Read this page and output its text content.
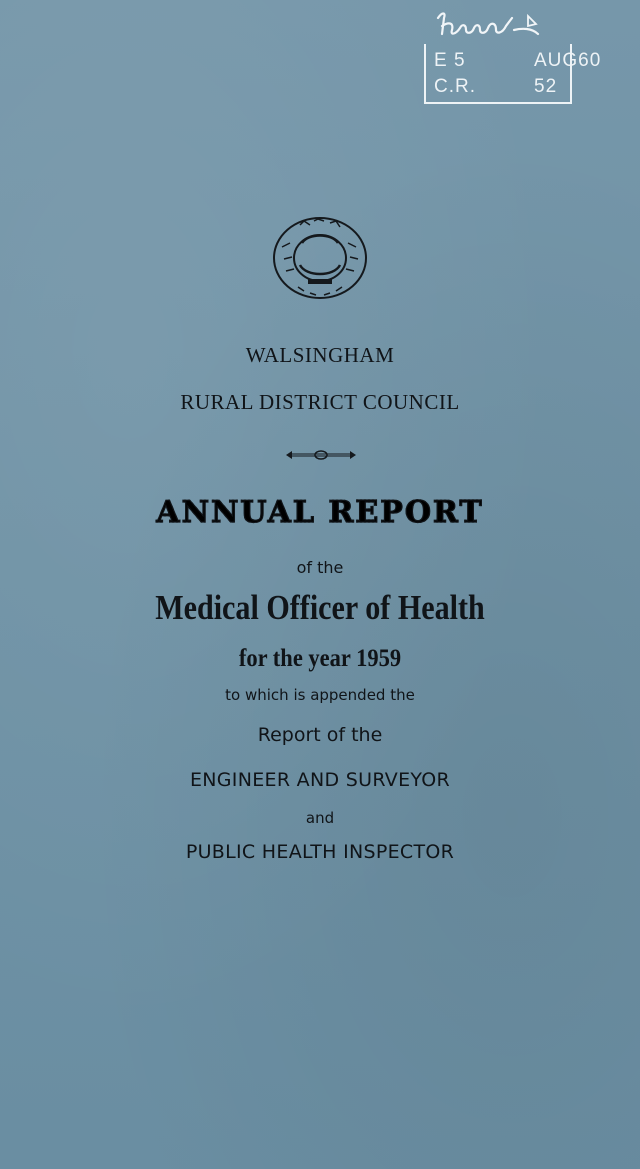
E 5	AUG60
C.R.	52
WALSINGHAM
RURAL DISTRICT COUNCIL
ANNUAL REPORT
of the
Medical Officer of Health
for the year 1959
to which is appended the
Report of the
ENGINEER AND SURVEYOR
and
PUBLIC HEALTH INSPECTOR
